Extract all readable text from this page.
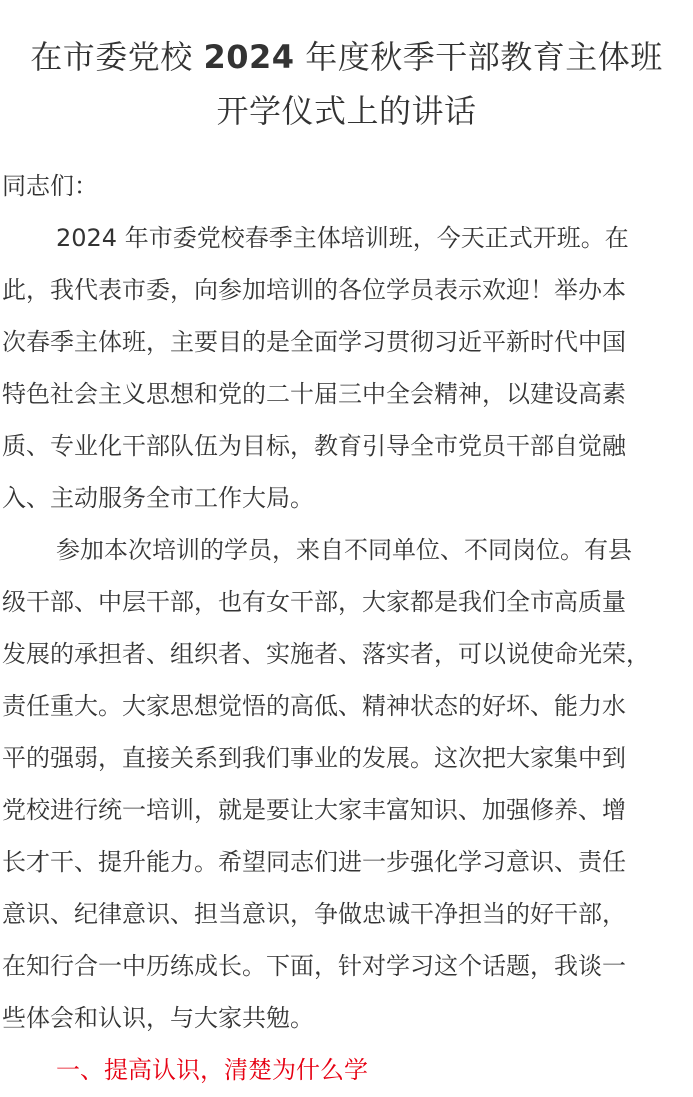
在市委党校 2024 年度秋季干部教育主体班
开学仪式上的讲话

同志们：

2024 年市委党校春季主体培训班，今天正式开班。在
此，我代表市委，向参加培训的各位学员表示欢迎！举办本
次春季主体班，主要目的是全面学习贯彻习近平新时代中国
特色社会主义思想和党的二十届三中全会精神，以建设高素
质、专业化干部队伍为目标，教育引导全市党员干部自觉融
入、主动服务全市工作大局。

参加本次培训的学员，来自不同单位、不同岗位。有县
级干部、中层干部，也有女干部，大家都是我们全市高质量
发展的承担者、组织者、实施者、落实者，可以说使命光荣，
责任重大。大家思想觉悟的高低、精神状态的好坏、能力水
平的强弱，直接关系到我们事业的发展。这次把大家集中到
党校进行统一培训，就是要让大家丰富知识、加强修养、增
长才干、提升能力。希望同志们进一步强化学习意识、责任
意识、纪律意识、担当意识，争做忠诚干净担当的好干部，
在知行合一中历练成长。下面，针对学习这个话题，我谈一
些体会和认识，与大家共勉。

一、提高认识，清楚为什么学
